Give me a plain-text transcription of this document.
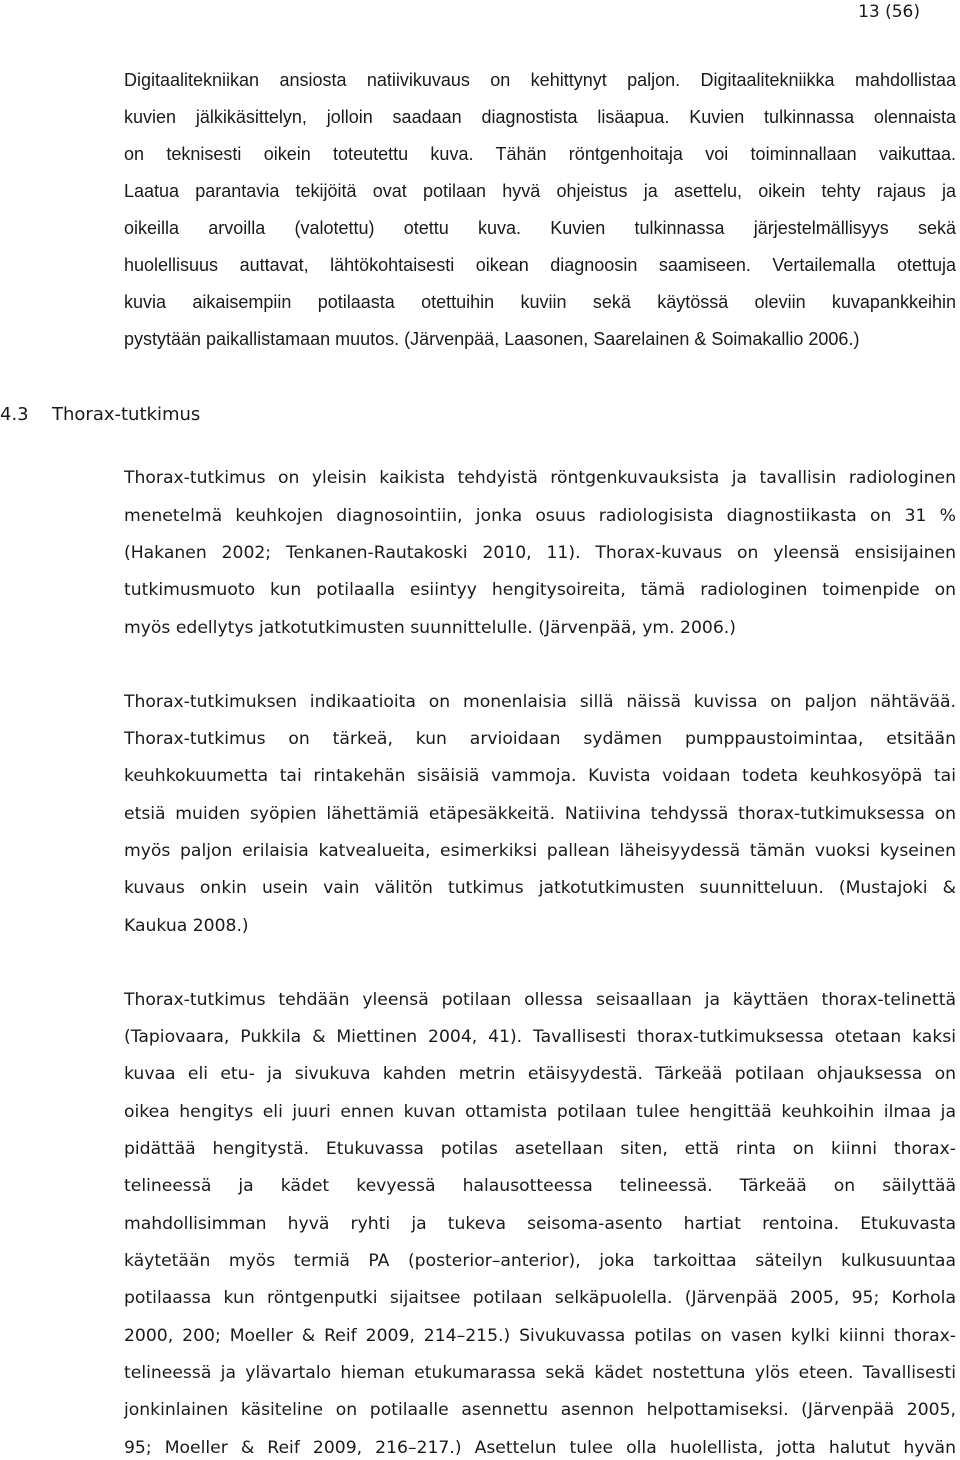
13 (56)
Digitaalitekniikan ansiosta natiivikuvaus on kehittynyt paljon. Digitaalitekniikka mahdollistaa
kuvien jälkikäsittelyn, jolloin saadaan diagnostista lisäapua. Kuvien tulkinnassa olennaista
on teknisesti oikein toteutettu kuva. Tähän röntgenhoitaja voi toiminnallaan vaikuttaa.
Laatua parantavia tekijöitä ovat potilaan hyvä ohjeistus ja asettelu, oikein tehty rajaus ja
oikeilla arvoilla (valotettu) otettu kuva. Kuvien tulkinnassa järjestelmällisyys sekä
huolellisuus auttavat, lähtökohtaisesti oikean diagnoosin saamiseen. Vertailemalla otettuja
kuvia aikaisempiin potilaasta otettuihin kuviin sekä käytössä oleviin kuvapankkeihin
pystytään paikallistamaan muutos. (Järvenpää, Laasonen, Saarelainen & Soimakallio 2006.)
4.3 Thorax-tutkimus
Thorax-tutkimus on yleisin kaikista tehdyistä röntgenkuvauksista ja tavallisin radiologinen
menetelmä keuhkojen diagnosointiin, jonka osuus radiologisista diagnostiikasta on 31 %
(Hakanen 2002; Tenkanen-Rautakoski 2010, 11). Thorax-kuvaus on yleensä ensisijainen
tutkimusmuoto kun potilaalla esiintyy hengitysoireita, tämä radiologinen toimenpide on
myös edellytys jatkotutkimusten suunnittelulle. (Järvenpää, ym. 2006.)
Thorax-tutkimuksen indikaatioita on monenlaisia sillä näissä kuvissa on paljon nähtävää.
Thorax-tutkimus on tärkeä, kun arvioidaan sydämen pumppaustoimintaa, etsitään
keuhkokuumetta tai rintakehän sisäisiä vammoja. Kuvista voidaan todeta keuhkosyöpä tai
etsiä muiden syöpien lähettämiä etäpesäkkeitä. Natiivina tehdyssä thorax-tutkimuksessa on
myös paljon erilaisia katvealueita, esimerkiksi pallean läheisyydessä tämän vuoksi kyseinen
kuvaus onkin usein vain välitön tutkimus jatkotutkimusten suunnitteluun. (Mustajoki &
Kaukua 2008.)
Thorax-tutkimus tehdään yleensä potilaan ollessa seisaallaan ja käyttäen thorax-telinettä
(Tapiovaara, Pukkila & Miettinen 2004, 41). Tavallisesti thorax-tutkimuksessa otetaan kaksi
kuvaa eli etu- ja sivukuva kahden metrin etäisyydestä. Tärkeää potilaan ohjauksessa on
oikea hengitys eli juuri ennen kuvan ottamista potilaan tulee hengittää keuhkoihin ilmaa ja
pidättää hengitystä. Etukuvassa potilas asetellaan siten, että rinta on kiinni thorax-
telineessä ja kädet kevyessä halausotteessa telineessä. Tärkeää on säilyttää
mahdollisimman hyvä ryhti ja tukeva seisoma-asento hartiat rentoina. Etukuvasta
käytetään myös termiä PA (posterior–anterior), joka tarkoittaa säteilyn kulkusuuntaa
potilaassa kun röntgenputki sijaitsee potilaan selkäpuolella. (Järvenpää 2005, 95; Korhola
2000, 200; Moeller & Reif 2009, 214–215.) Sivukuvassa potilas on vasen kylki kiinni thorax-
telineessä ja ylävartalo hieman etukumarassa sekä kädet nostettuna ylös eteen. Tavallisesti
jonkinlainen käsiteline on potilaalle asennettu asennon helpottamiseksi. (Järvenpää 2005,
95; Moeller & Reif 2009, 216–217.) Asettelun tulee olla huolellista, jotta halutut hyvän
